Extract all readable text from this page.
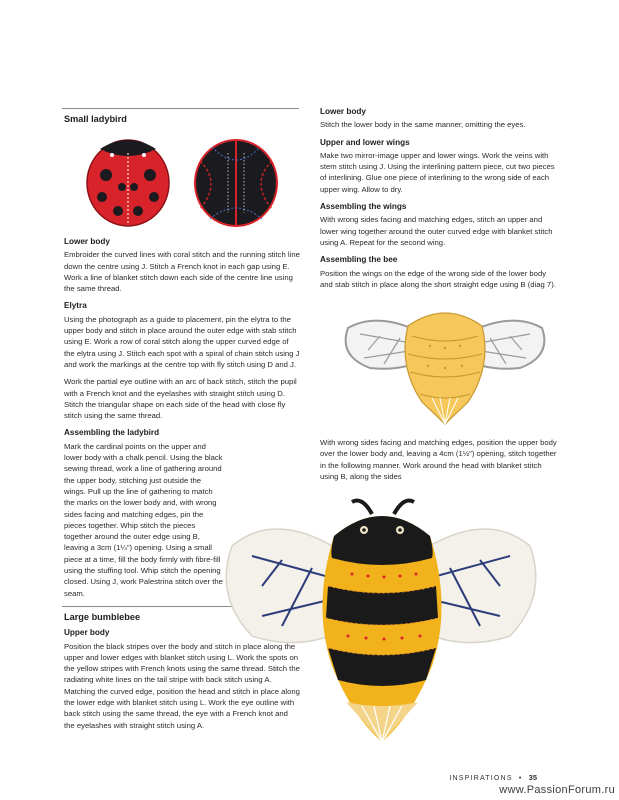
Small ladybird
Lower body

Embroider the curved lines with coral stitch and the running stitch line down the centre using J. Stitch a French knot in each gap using E. Work a line of blanket stitch down each side of the centre line using the same thread.

Elytra

Using the photograph as a guide to placement, pin the elytra to the upper body and stitch in place around the outer edge with stab stitch using E. Work a row of coral stitch along the upper curved edge of the elytra using J. Stitch each spot with a spiral of chain stitch using J and work the markings at the centre top with fly stitch using D and J.

Work the partial eye outline with an arc of back stitch, stitch the pupil with a French knot and the eyelashes with straight stitch using D. Stitch the triangular shape on each side of the head with close fly stitch using the same thread.

Assembling the ladybird

Mark the cardinal points on the upper and lower body with a chalk pencil. Using the black sewing thread, work a line of gathering around the upper body, stitching just outside the wings. Pull up the line of gathering to match the marks on the lower body and, with wrong sides facing and matching edges, pin the pieces together. Whip stitch the pieces together around the outer edge using B, leaving a 3cm (1¼") opening. Using a small piece at a time, fill the body firmly with fibre-fill using the stuffing tool. Whip stitch the opening closed. Using J, work Palestrina stitch over the seam.

Large bumblebee
Upper body

Position the black stripes over the body and stitch in place along the upper and lower edges with blanket stitch using L. Work the spots on the yellow stripes with French knots using the same thread. Stitch the radiating white lines on the tail stripe with back stitch using A. Matching the curved edge, position the head and stitch in place along the lower edge with blanket stitch using L. Work the eye outline with back stitch using the same thread, the eye with a French knot and the eyelashes with straight stitch using A.

Lower body

Stitch the lower body in the same manner, omitting the eyes.

Upper and lower wings

Make two mirror-image upper and lower wings. Work the veins with stem stitch using J. Using the interlining pattern piece, cut two pieces of interlining. Glue one piece of interlining to the wrong side of each upper wing. Allow to dry.

Assembling the wings

With wrong sides facing and matching edges, stitch an upper and lower wing together around the outer curved edge with blanket stitch using A. Repeat for the second wing.

Assembling the bee

Position the wings on the edge of the wrong side of the lower body and stab stitch in place along the short straight edge using B (diag 7).

With wrong sides facing and matching edges, position the upper body over the lower body and, leaving a 4cm (1½") opening, stitch together in the following manner. Work around the head with blanket stitch using B, along the sides

INSPIRATIONS • 35
www.PassionForum.ru
